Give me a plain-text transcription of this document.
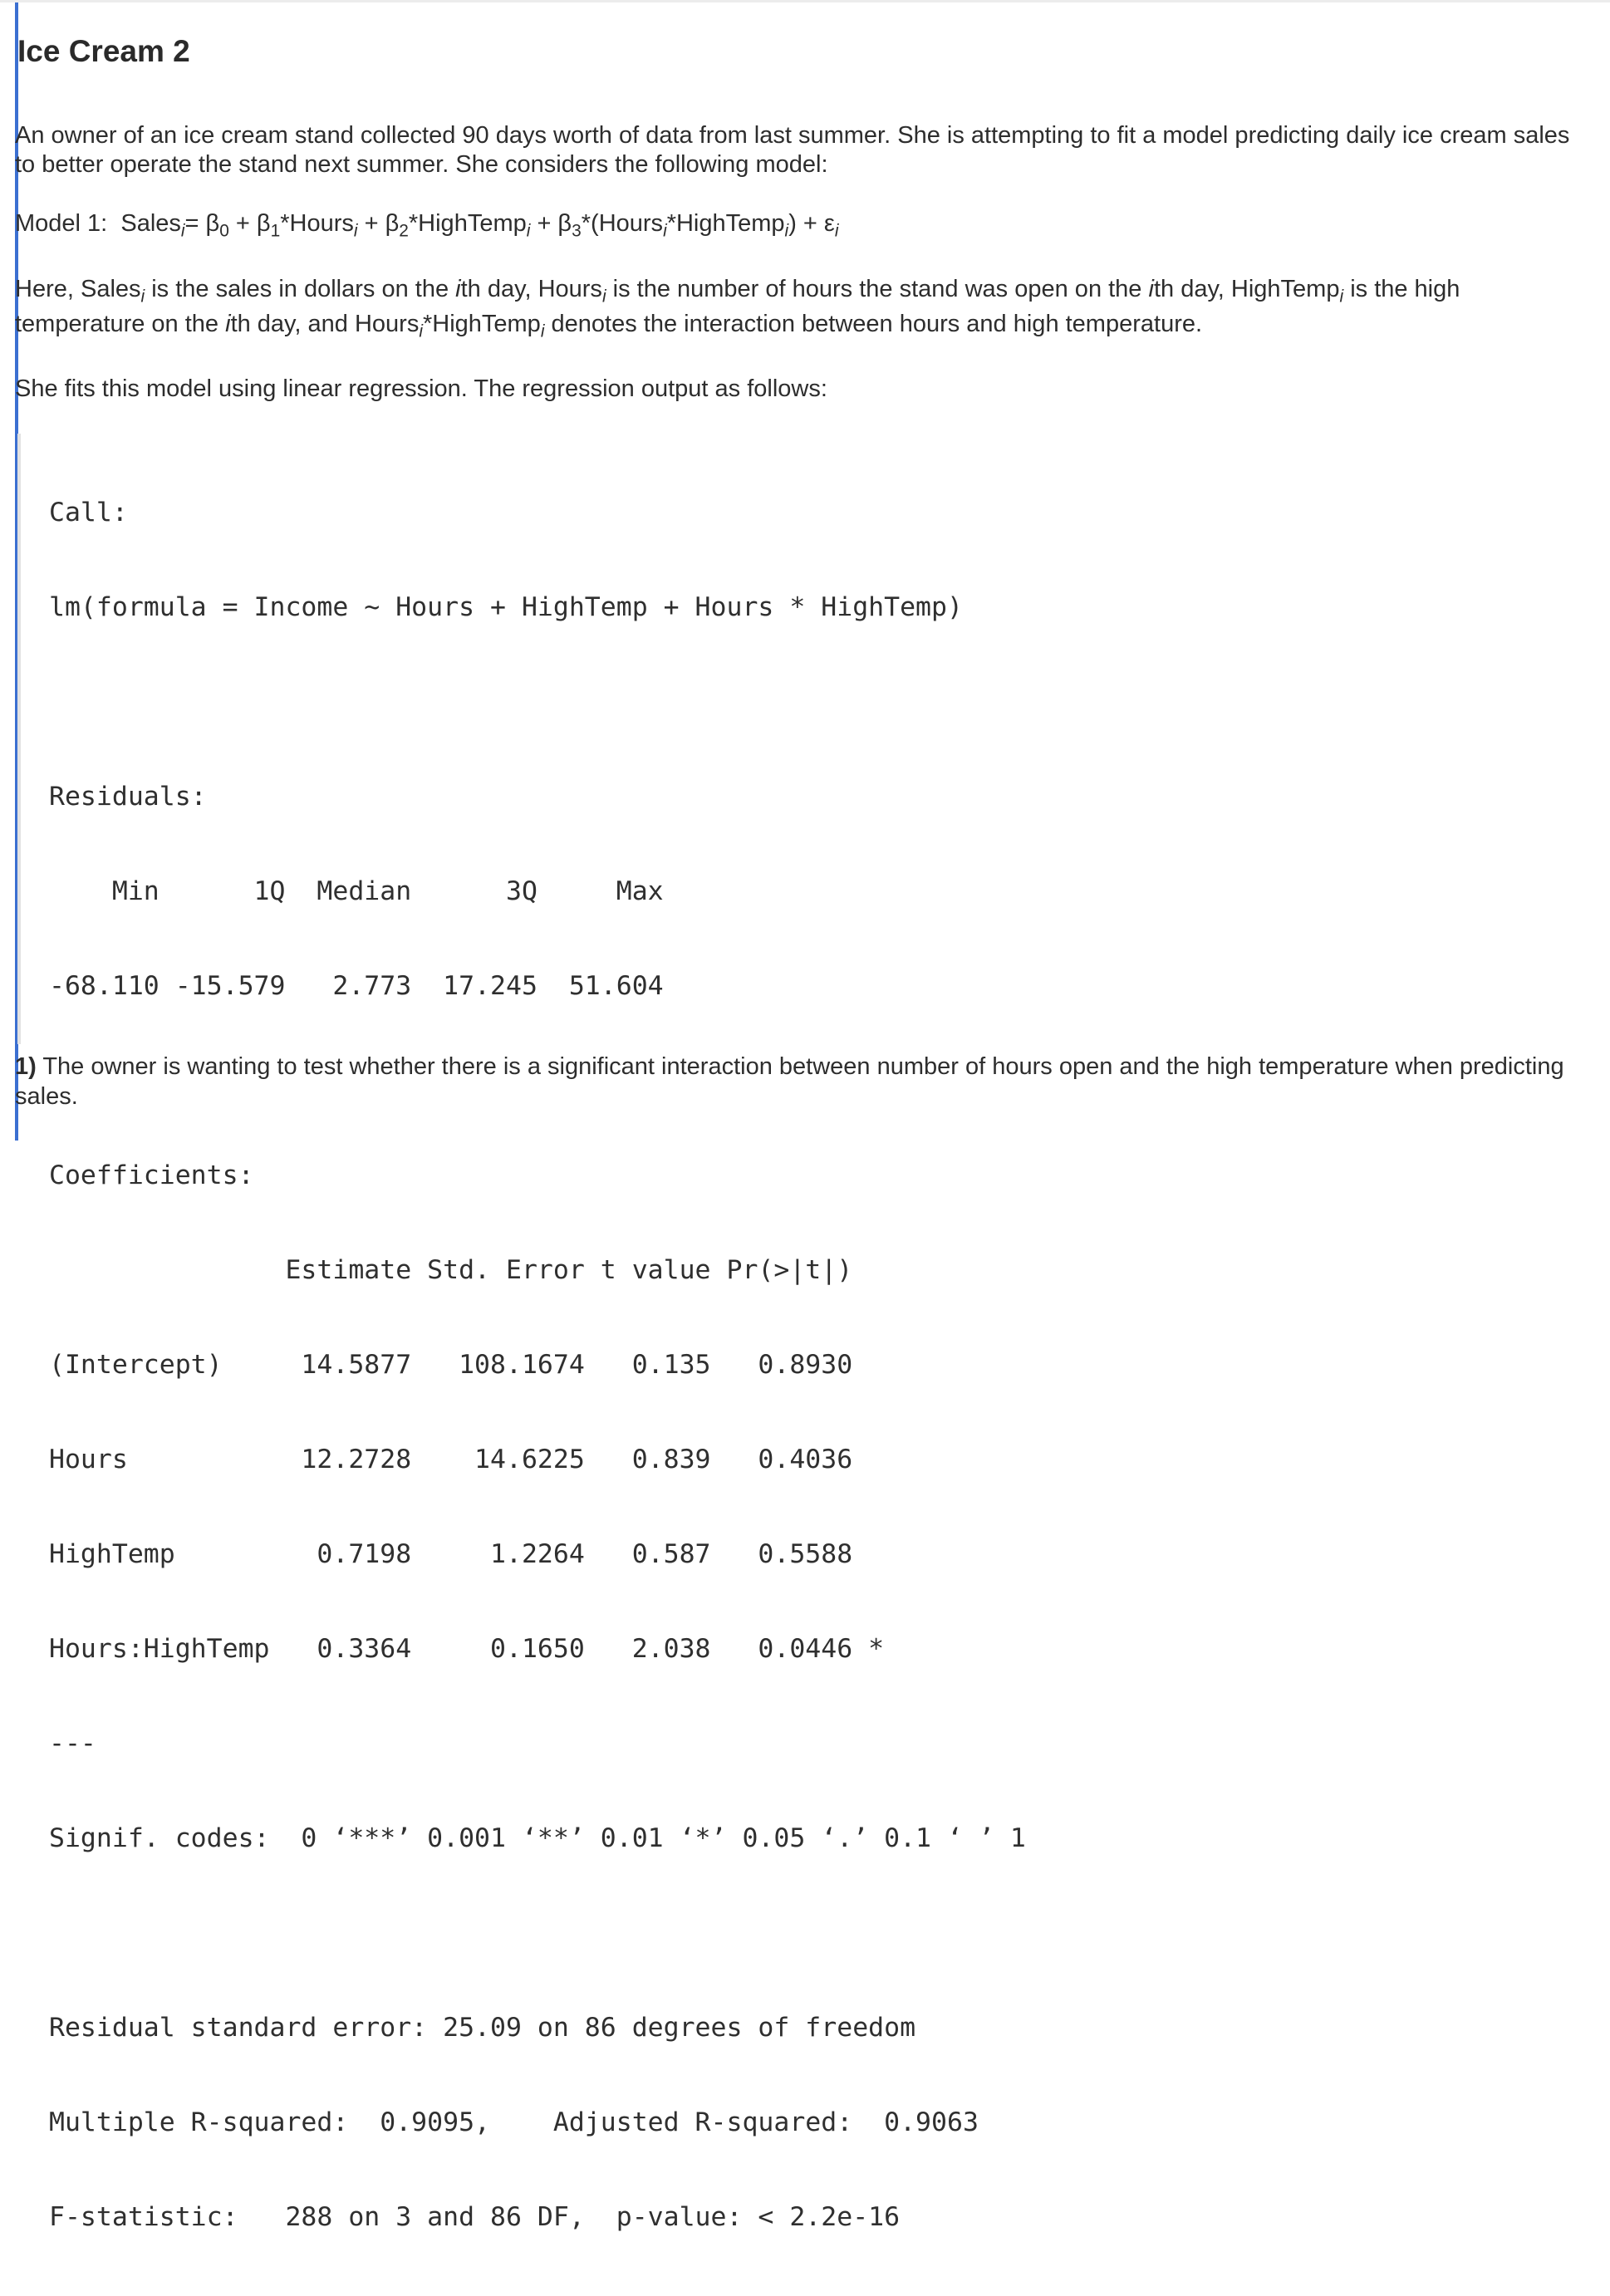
Ice Cream 2

An owner of an ice cream stand collected 90 days worth of data from last summer. She is attempting to fit a model predicting daily ice cream sales to better operate the stand next summer. She considers the following model:

Model 1: Sales$_i$= $\beta_0$ + $\beta_1*Hours_i$ + $\beta_2*HighTemp_i$ + $\beta_3*(Hours_i*HighTemp_i) + \varepsilon_i$

Here, Sales$_i$ is the sales in dollars on the ith day, Hours$_i$ is the number of hours the stand was open on the ith day, HighTemp$_i$ is the high temperature on the ith day, and Hours$_i$*HighTemp$_i$ denotes the interaction between hours and high temperature.

She fits this model using linear regression. The regression output as follows:

Call:

lm(formula = Income ~ Hours + HighTemp + Hours * HighTemp)

Residuals:

Min      1Q  Median      3Q     Max

-68.110 -15.579   2.773  17.245  51.604

Coefficients:

Estimate Std. Error t value Pr(>|t|)

(Intercept)     14.5877   108.1674   0.135   0.8930

Hours           12.2728    14.6225   0.839   0.4036

HighTemp         0.7198     1.2264   0.587   0.5588

Hours:HighTemp   0.3364     0.1650   2.038   0.0446 *

---

Signif. codes:  0 ‘***’ 0.001 ‘**’ 0.01 ‘*’ 0.05 ‘.’ 0.1 ‘ ’ 1

Residual standard error: 25.09 on 86 degrees of freedom

Multiple R-squared:  0.9095,	Adjusted R-squared:  0.9063

F-statistic:   288 on 3 and 86 DF,  p-value: < 2.2e-16

1) The owner is wanting to test whether there is a significant interaction between number of hours open and the high temperature when predicting sales.
